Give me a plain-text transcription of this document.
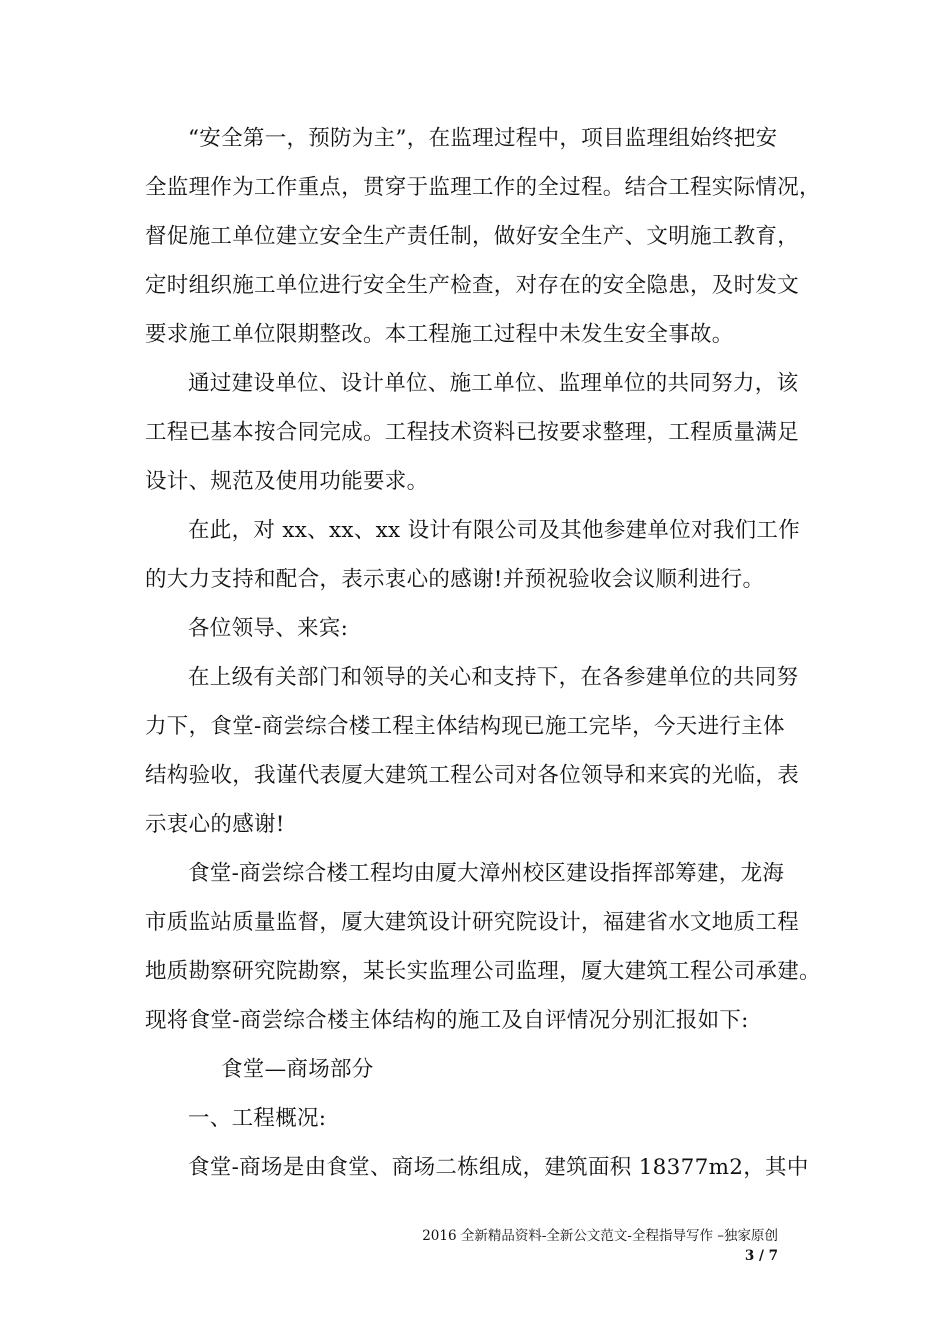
“安全第一，预防为主”，在监理过程中，项目监理组始终把安
全监理作为工作重点，贯穿于监理工作的全过程。结合工程实际情况，
督促施工单位建立安全生产责任制，做好安全生产、文明施工教育，
定时组织施工单位进行安全生产检查，对存在的安全隐患，及时发文
要求施工单位限期整改。本工程施工过程中未发生安全事故。
通过建设单位、设计单位、施工单位、监理单位的共同努力，该
工程已基本按合同完成。工程技术资料已按要求整理，工程质量满足
设计、规范及使用功能要求。
在此，对 xx、xx、xx 设计有限公司及其他参建单位对我们工作
的大力支持和配合，表示衷心的感谢!并预祝验收会议顺利进行。
各位领导、来宾:
在上级有关部门和领导的关心和支持下，在各参建单位的共同努
力下，食堂-商尝综合楼工程主体结构现已施工完毕，今天进行主体
结构验收，我谨代表厦大建筑工程公司对各位领导和来宾的光临，表
示衷心的感谢!
食堂-商尝综合楼工程均由厦大漳州校区建设指挥部筹建，龙海
市质监站质量监督，厦大建筑设计研究院设计，福建省水文地质工程
地质勘察研究院勘察，某长实监理公司监理，厦大建筑工程公司承建。
现将食堂-商尝综合楼主体结构的施工及自评情况分别汇报如下:
食堂—商场部分
一、工程概况:
食堂-商场是由食堂、商场二栋组成，建筑面积 18377m2，其中
2016 全新精品资料-全新公文范文-全程指导写作 –独家原创
3 / 7
